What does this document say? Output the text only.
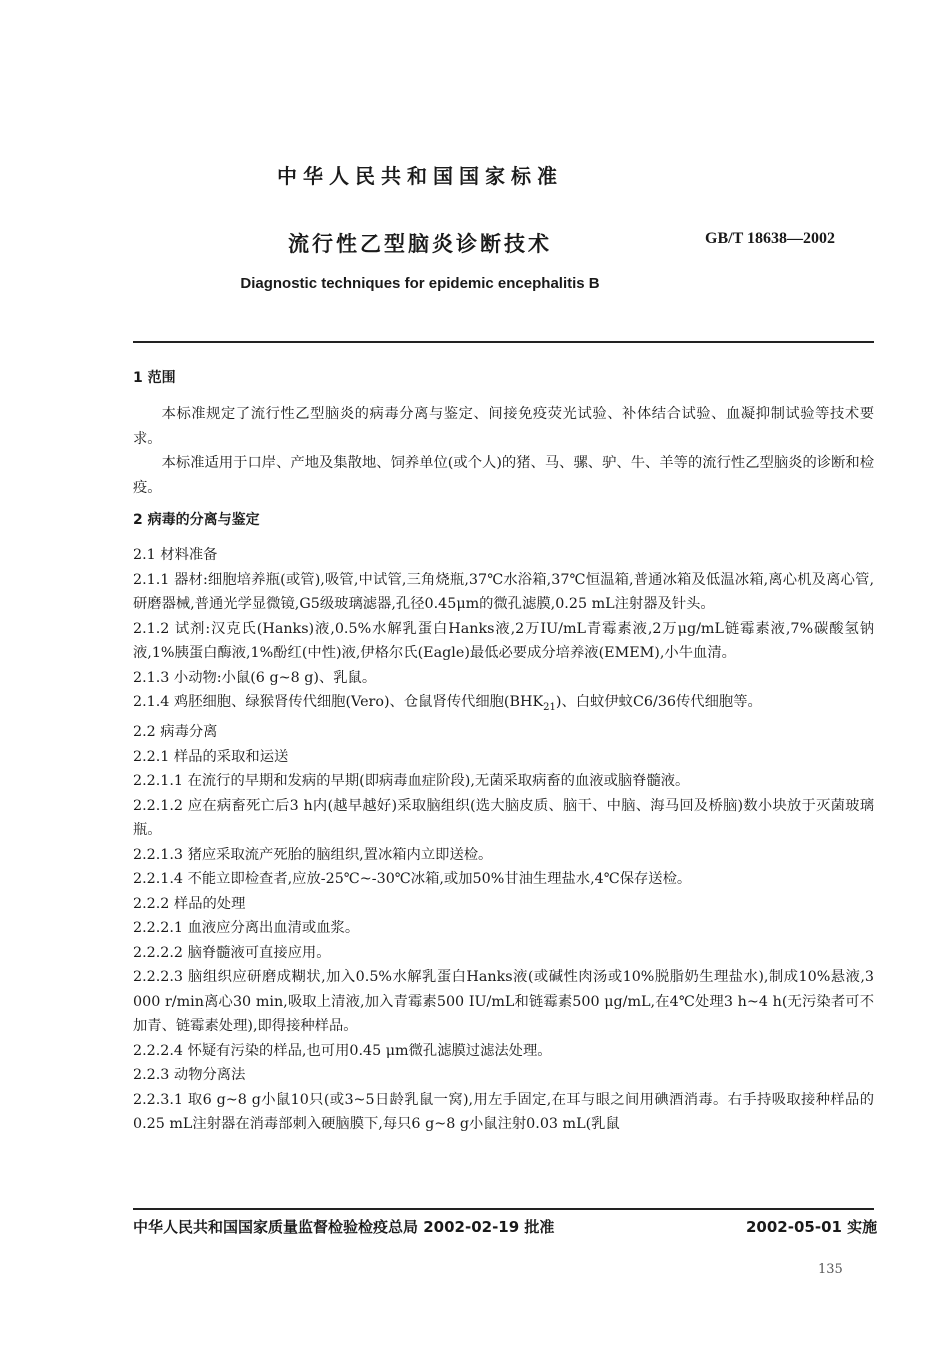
中华人民共和国国家标准
流行性乙型脑炎诊断技术	GB/T 18638—2002
Diagnostic techniques for epidemic encephalitis B
1 范围

本标准规定了流行性乙型脑炎的病毒分离与鉴定、间接免疫荧光试验、补体结合试验、血凝抑制试验等技术要求。

本标准适用于口岸、产地及集散地、饲养单位(或个人)的猪、马、骡、驴、牛、羊等的流行性乙型脑炎的诊断和检疫。

2 病毒的分离与鉴定

2.1 材料准备

2.1.1 器材:细胞培养瓶(或管),吸管,中试管,三角烧瓶,37℃水浴箱,37℃恒温箱,普通冰箱及低温冰箱,离心机及离心管,研磨器械,普通光学显微镜,G5级玻璃滤器,孔径0.45μm的微孔滤膜,0.25 mL注射器及针头。

2.1.2 试剂:汉克氏(Hanks)液,0.5%水解乳蛋白Hanks液,2万IU/mL青霉素液,2万μg/mL链霉素液,7%碳酸氢钠液,1%胰蛋白酶液,1%酚红(中性)液,伊格尔氏(Eagle)最低必要成分培养液(EMEM),小牛血清。

2.1.3 小动物:小鼠(6 g~8 g)、乳鼠。

2.1.4 鸡胚细胞、绿猴肾传代细胞(Vero)、仓鼠肾传代细胞$(BHK_{21})$、白蚊伊蚊C6/36传代细胞等。

2.2 病毒分离

2.2.1 样品的采取和运送

2.2.1.1 在流行的早期和发病的早期(即病毒血症阶段),无菌采取病畜的血液或脑脊髓液。

2.2.1.2 应在病畜死亡后3 h内(越早越好)采取脑组织(选大脑皮质、脑干、中脑、海马回及桥脑)数小块放于灭菌玻璃瓶。

2.2.1.3 猪应采取流产死胎的脑组织,置冰箱内立即送检。

2.2.1.4 不能立即检查者,应放-25℃~-30℃冰箱,或加50%甘油生理盐水,4℃保存送检。

2.2.2 样品的处理

2.2.2.1 血液应分离出血清或血浆。

2.2.2.2 脑脊髓液可直接应用。

2.2.2.3 脑组织应研磨成糊状,加入0.5%水解乳蛋白Hanks液(或碱性肉汤或10%脱脂奶生理盐水),制成10%悬液,3 000 r/min离心30 min,吸取上清液,加入青霉素500 IU/mL和链霉素500 μg/mL,在4℃处理3 h~4 h(无污染者可不加青、链霉素处理),即得接种样品。

2.2.2.4 怀疑有污染的样品,也可用0.45 μm微孔滤膜过滤法处理。

2.2.3 动物分离法

2.2.3.1 取6 g~8 g小鼠10只(或3~5日龄乳鼠一窝),用左手固定,在耳与眼之间用碘酒消毒。右手持吸取接种样品的0.25 mL注射器在消毒部刺入硬脑膜下,每只6 g~8 g小鼠注射0.03 mL(乳鼠

中华人民共和国国家质量监督检验检疫总局 2002-02-19 批准	2002-05-01 实施
135
